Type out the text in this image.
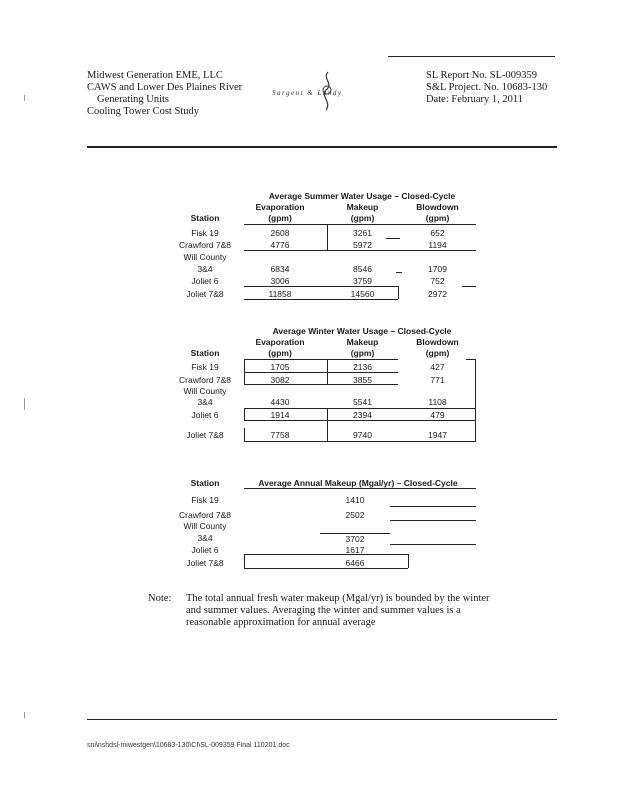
Midwest Generation EME, LLC
CAWS and Lower Des Plaines River
Generating Units
Cooling Tower Cost Study
Sargent & Lundy
SL Report No. SL-009359
S&L Project. No. 10683-130
Date: February 1, 2011
Average Summer Water Usage – Closed-Cycle
Evaporation	Makeup	Blowdown
Station	(gpm)	(gpm)	(gpm)
Fisk 19	2608	3261	652
Crawford 7&8	4776	5972	1194
Will County
3&4	6834	8546	1709
Joliet 6	3006	3759	752
Joliet 7&8	11858	14560	2972
Average Winter Water Usage – Closed-Cycle
Evaporation	Makeup	Blowdown
Station	(gpm)	(gpm)	(gpm)
Fisk 19	1705	2136	427
Crawford 7&8	3082	3855	771
Will County
3&4	4430	5541	1108
Joliet 6	1914	2394	479
Joliet 7&8	7758	9740	1947
Station	Average Annual Makeup (Mgal/yr) – Closed-Cycle
Fisk 19	1410
Crawford 7&8	2502
Will County
3&4	3702
Joliet 6	1617
Joliet 7&8	6466
Note: The total annual fresh water makeup (Mgal/yr) is bounded by the winter
and summer values. Averaging the winter and summer values is a
reasonable approximation for annual average
sni\nshdsl-miwestgen\10683-130\CI\SL-009359 Final 110201.doc
